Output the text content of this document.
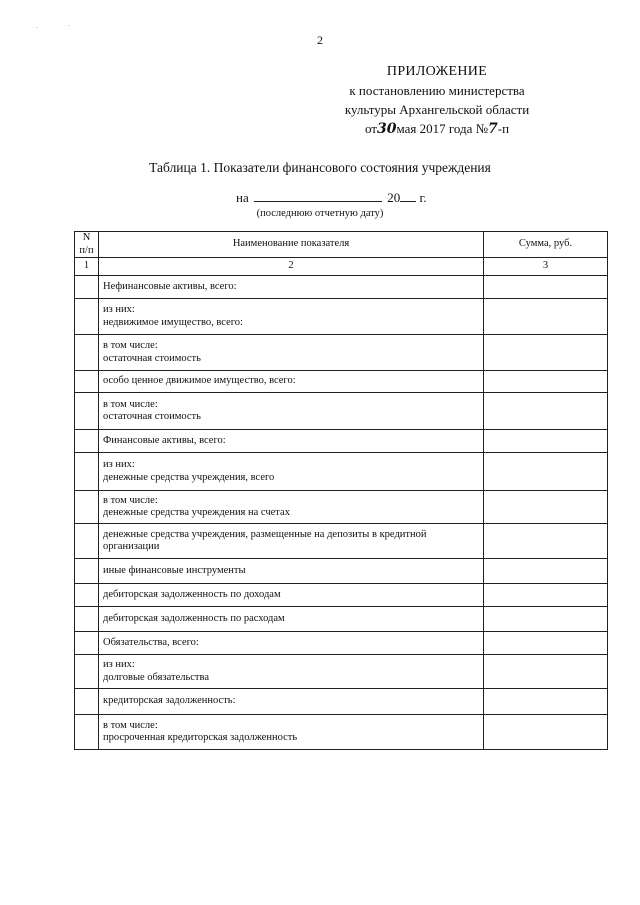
. ·
2
ПРИЛОЖЕНИЕ
к постановлению министерства
культуры Архангельской области
от30мая 2017 года №7-п
Таблица 1. Показатели финансового состояния учреждения
на	20 г.
(последнюю отчетную дату)
N п/п	Наименование показателя	Сумма, руб.
1	2	3

	Нефинансовые активы, всего:	

	из них:
недвижимое имущество, всего:	

	в том числе:
остаточная стоимость	

	особо ценное движимое имущество, всего:	

	в том числе:
остаточная стоимость	

	Финансовые активы, всего:	

	из них:
денежные средства учреждения, всего	

	в том числе:
денежные средства учреждения на счетах	

	денежные средства учреждения, размещенные на депозиты в кредитной
организации	

	иные финансовые инструменты	

	дебиторская задолженность по доходам	

	дебиторская задолженность по расходам	

	Обязательства, всего:	

	из них:
долговые обязательства	

	кредиторская задолженность:	

	в том числе:
просроченная кредиторская задолженность	
